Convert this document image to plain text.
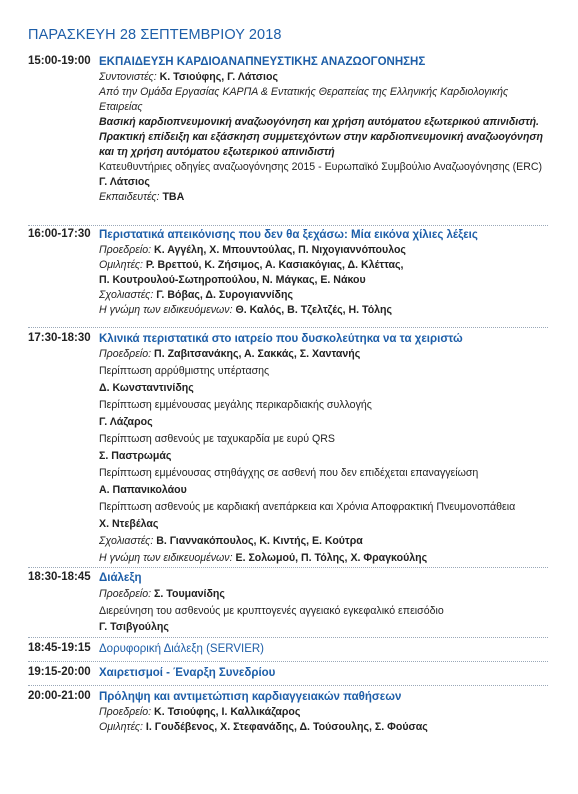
ΠΑΡΑΣΚΕΥΗ 28 ΣΕΠΤΕΜΒΡΙΟΥ 2018
15:00-19:00 ΕΚΠΑΙΔΕΥΣΗ ΚΑΡΔΙΟΑΝΑΠΝΕΥΣΤΙΚΗΣ ΑΝΑΖΩΟΓΟΝΗΣΗΣ
Συντονιστές: Κ. Τσιούφης, Γ. Λάτσιος
Από την Ομάδα Εργασίας ΚΑΡΠΑ & Εντατικής Θεραπείας της Ελληνικής Καρδιολογικής
Εταιρείας
Βασική καρδιοπνευμονική αναζωογόνηση και χρήση αυτόματου εξωτερικού απινιδιστή.
Πρακτική επίδειξη και εξάσκηση συμμετεχόντων στην καρδιοπνευμονική αναζωογόνηση
και τη χρήση αυτόματου εξωτερικού απινιδιστή
Κατευθυντήριες οδηγίες αναζωογόνησης 2015 - Ευρωπαϊκό Συμβούλιο Αναζωογόνησης (ERC)
Γ. Λάτσιος
Εκπαιδευτές: TBA
16:00-17:30 Περιστατικά απεικόνισης που δεν θα ξεχάσω: Μία εικόνα χίλιες λέξεις
Προεδρείο: Κ. Αγγέλη, Χ. Μπουντούλας, Π. Νιχογιαννόπουλος
Ομιλητές: Ρ. Βρεττού, Κ. Ζήσιμος, Α. Κασιακόγιας, Δ. Κλέττας,
Π. Κουτρουλού-Σωτηροπούλου, Ν. Μάγκας, Ε. Νάκου
Σχολιαστές: Γ. Βόβας, Δ. Συρογιαννίδης
Η γνώμη των ειδικευόμενων: Θ. Καλός, Β. Τζελτζές, Η. Τόλης
17:30-18:30 Κλινικά περιστατικά στο ιατρείο που δυσκολεύτηκα να τα χειριστώ
Προεδρείο: Π. Ζαβιτσανάκης, Α. Σακκάς, Σ. Χαντανής
Περίπτωση αρρύθμιστης υπέρτασης
Δ. Κωνσταντινίδης
Περίπτωση εμμένουσας μεγάλης περικαρδιακής συλλογής
Γ. Λάζαρος
Περίπτωση ασθενούς με ταχυκαρδία με ευρύ QRS
Σ. Παστρωμάς
Περίπτωση εμμένουσας στηθάγχης σε ασθενή που δεν επιδέχεται επαναγγείωση
Α. Παπανικολάου
Περίπτωση ασθενούς με καρδιακή ανεπάρκεια και Χρόνια Αποφρακτική Πνευμονοπάθεια
Χ. Ντεβέλας
Σχολιαστές: Β. Γιαννακόπουλος, Κ. Κιντής, Ε. Κούτρα
Η γνώμη των ειδικευομένων: Ε. Σολωμού, Π. Τόλης, Χ. Φραγκούλης
18:30-18:45 Διάλεξη
Προεδρείο: Σ. Τουμανίδης
Διερεύνηση του ασθενούς με κρυπτογενές αγγειακό εγκεφαλικό επεισόδιο
Γ. Τσιβγούλης
18:45-19:15 Δορυφορική Διάλεξη (SERVIER)
19:15-20:00 Χαιρετισμοί - Έναρξη Συνεδρίου
20:00-21:00 Πρόληψη και αντιμετώπιση καρδιαγγειακών παθήσεων
Προεδρείο: Κ. Τσιούφης, Ι. Καλλικάζαρος
Ομιλητές: Ι. Γουδέβενος, Χ. Στεφανάδης, Δ. Τούσουλης, Σ. Φούσας
